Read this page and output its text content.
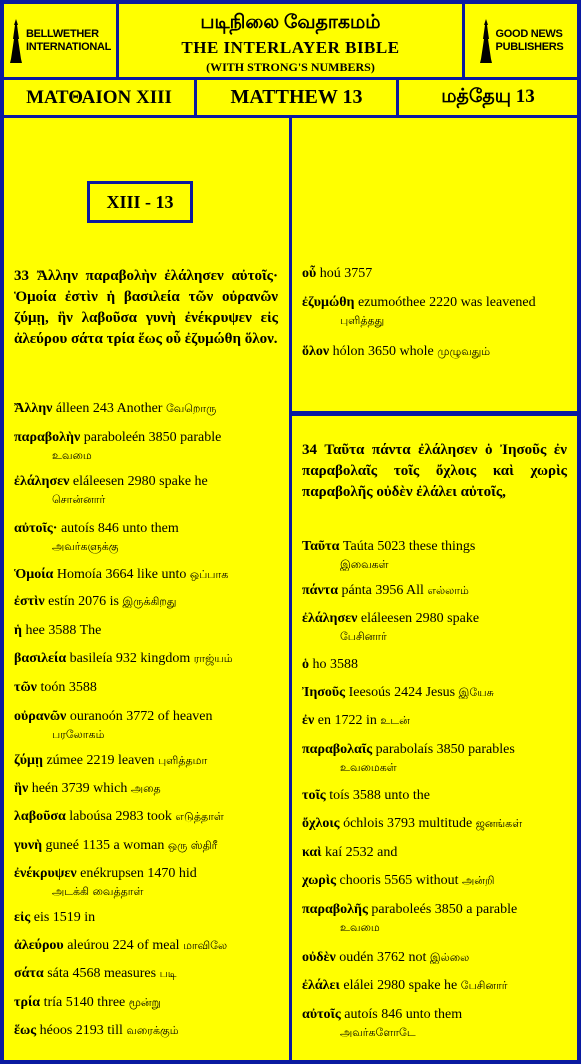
BELLWETHER
INTERNATIONAL
படிநிலை வேதாகமம்
THE INTERLAYER BIBLE
(WITH STRONG'S NUMBERS)
GOOD NEWS
PUBLISHERS
ΜΑΤΘΑΙΟΝ XIII	MATTHEW 13	மத்தேயு 13
XIII - 13
33 Ἄλλην παραβολὴν ἐλάλησεν αὐτοῖς· Ὁμοία ἐστὶν ἡ βασιλεία τῶν οὐρανῶν ζύμῃ, ἣν λαβοῦσα γυνὴ ἐνέκρυψεν εἰς ἀλεύρου σάτα τρία ἕως οὗ ἐζυμώθη ὅλον.
Ἄλλην álleen 243 Another வேறொரு
παραβολὴν paraboleén 3850 parable
உவமை
ἐλάλησεν eláleesen 2980 spake he
சொன்னார்
αὐτοῖς· autoís 846 unto them
அவர்களுக்கு
Ὁμοία Homoía 3664 like unto ஒப்பாக
ἐστὶν estín 2076 is இருக்கிறது
ἡ hee 3588 The
βασιλεία basileía 932 kingdom ராஜ்யம்
τῶν toón 3588
οὐρανῶν ouranoón 3772 of heaven
பரலோகம்
ζύμῃ zúmee 2219 leaven புளித்தமா
ἣν heén 3739 which அதை
λαβοῦσα laboúsa 2983 took எடுத்தாள்
γυνὴ guneé 1135 a woman ஒரு ஸ்திரீ
ἐνέκρυψεν enékrupsen 1470 hid
அடக்கி வைத்தாள்
εἰς eis 1519 in
ἀλεύρου aleúrou 224 of meal மாவிலே
σάτα sáta 4568 measures படி
τρία tría 5140 three மூன்று
ἕως héoos 2193 till வரைக்கும்
οὗ hoú 3757
ἐζυμώθη ezumoóthee 2220 was leavened
புளித்தது
ὅλον hólon 3650 whole முழுவதும்
34 Ταῦτα πάντα ἐλάλησεν ὁ Ἰησοῦς ἐν παραβολαῖς τοῖς ὄχλοις καὶ χωρὶς παραβολῆς οὐδὲν ἐλάλει αὐτοῖς,
Ταῦτα Taúta 5023 these things
இவைகள்
πάντα pánta 3956 All எல்லாம்
ἐλάλησεν eláleesen 2980 spake
பேசினார்
ὁ ho 3588
Ἰησοῦς Ieesoús 2424 Jesus இயேசு
ἐν en 1722 in உடன்
παραβολαῖς parabolaís 3850 parables
உவமைகள்
τοῖς toís 3588 unto the
ὄχλοις óchlois 3793 multitude ஜனங்கள்
καὶ kaí 2532 and
χωρὶς chooris 5565 without அன்றி
παραβολῆς paraboleés 3850 a parable
உவமை
οὐδὲν oudén 3762 not இல்லை
ἐλάλει elálei 2980 spake he பேசினார்
αὐτοῖς autoís 846 unto them
அவர்களோடே
